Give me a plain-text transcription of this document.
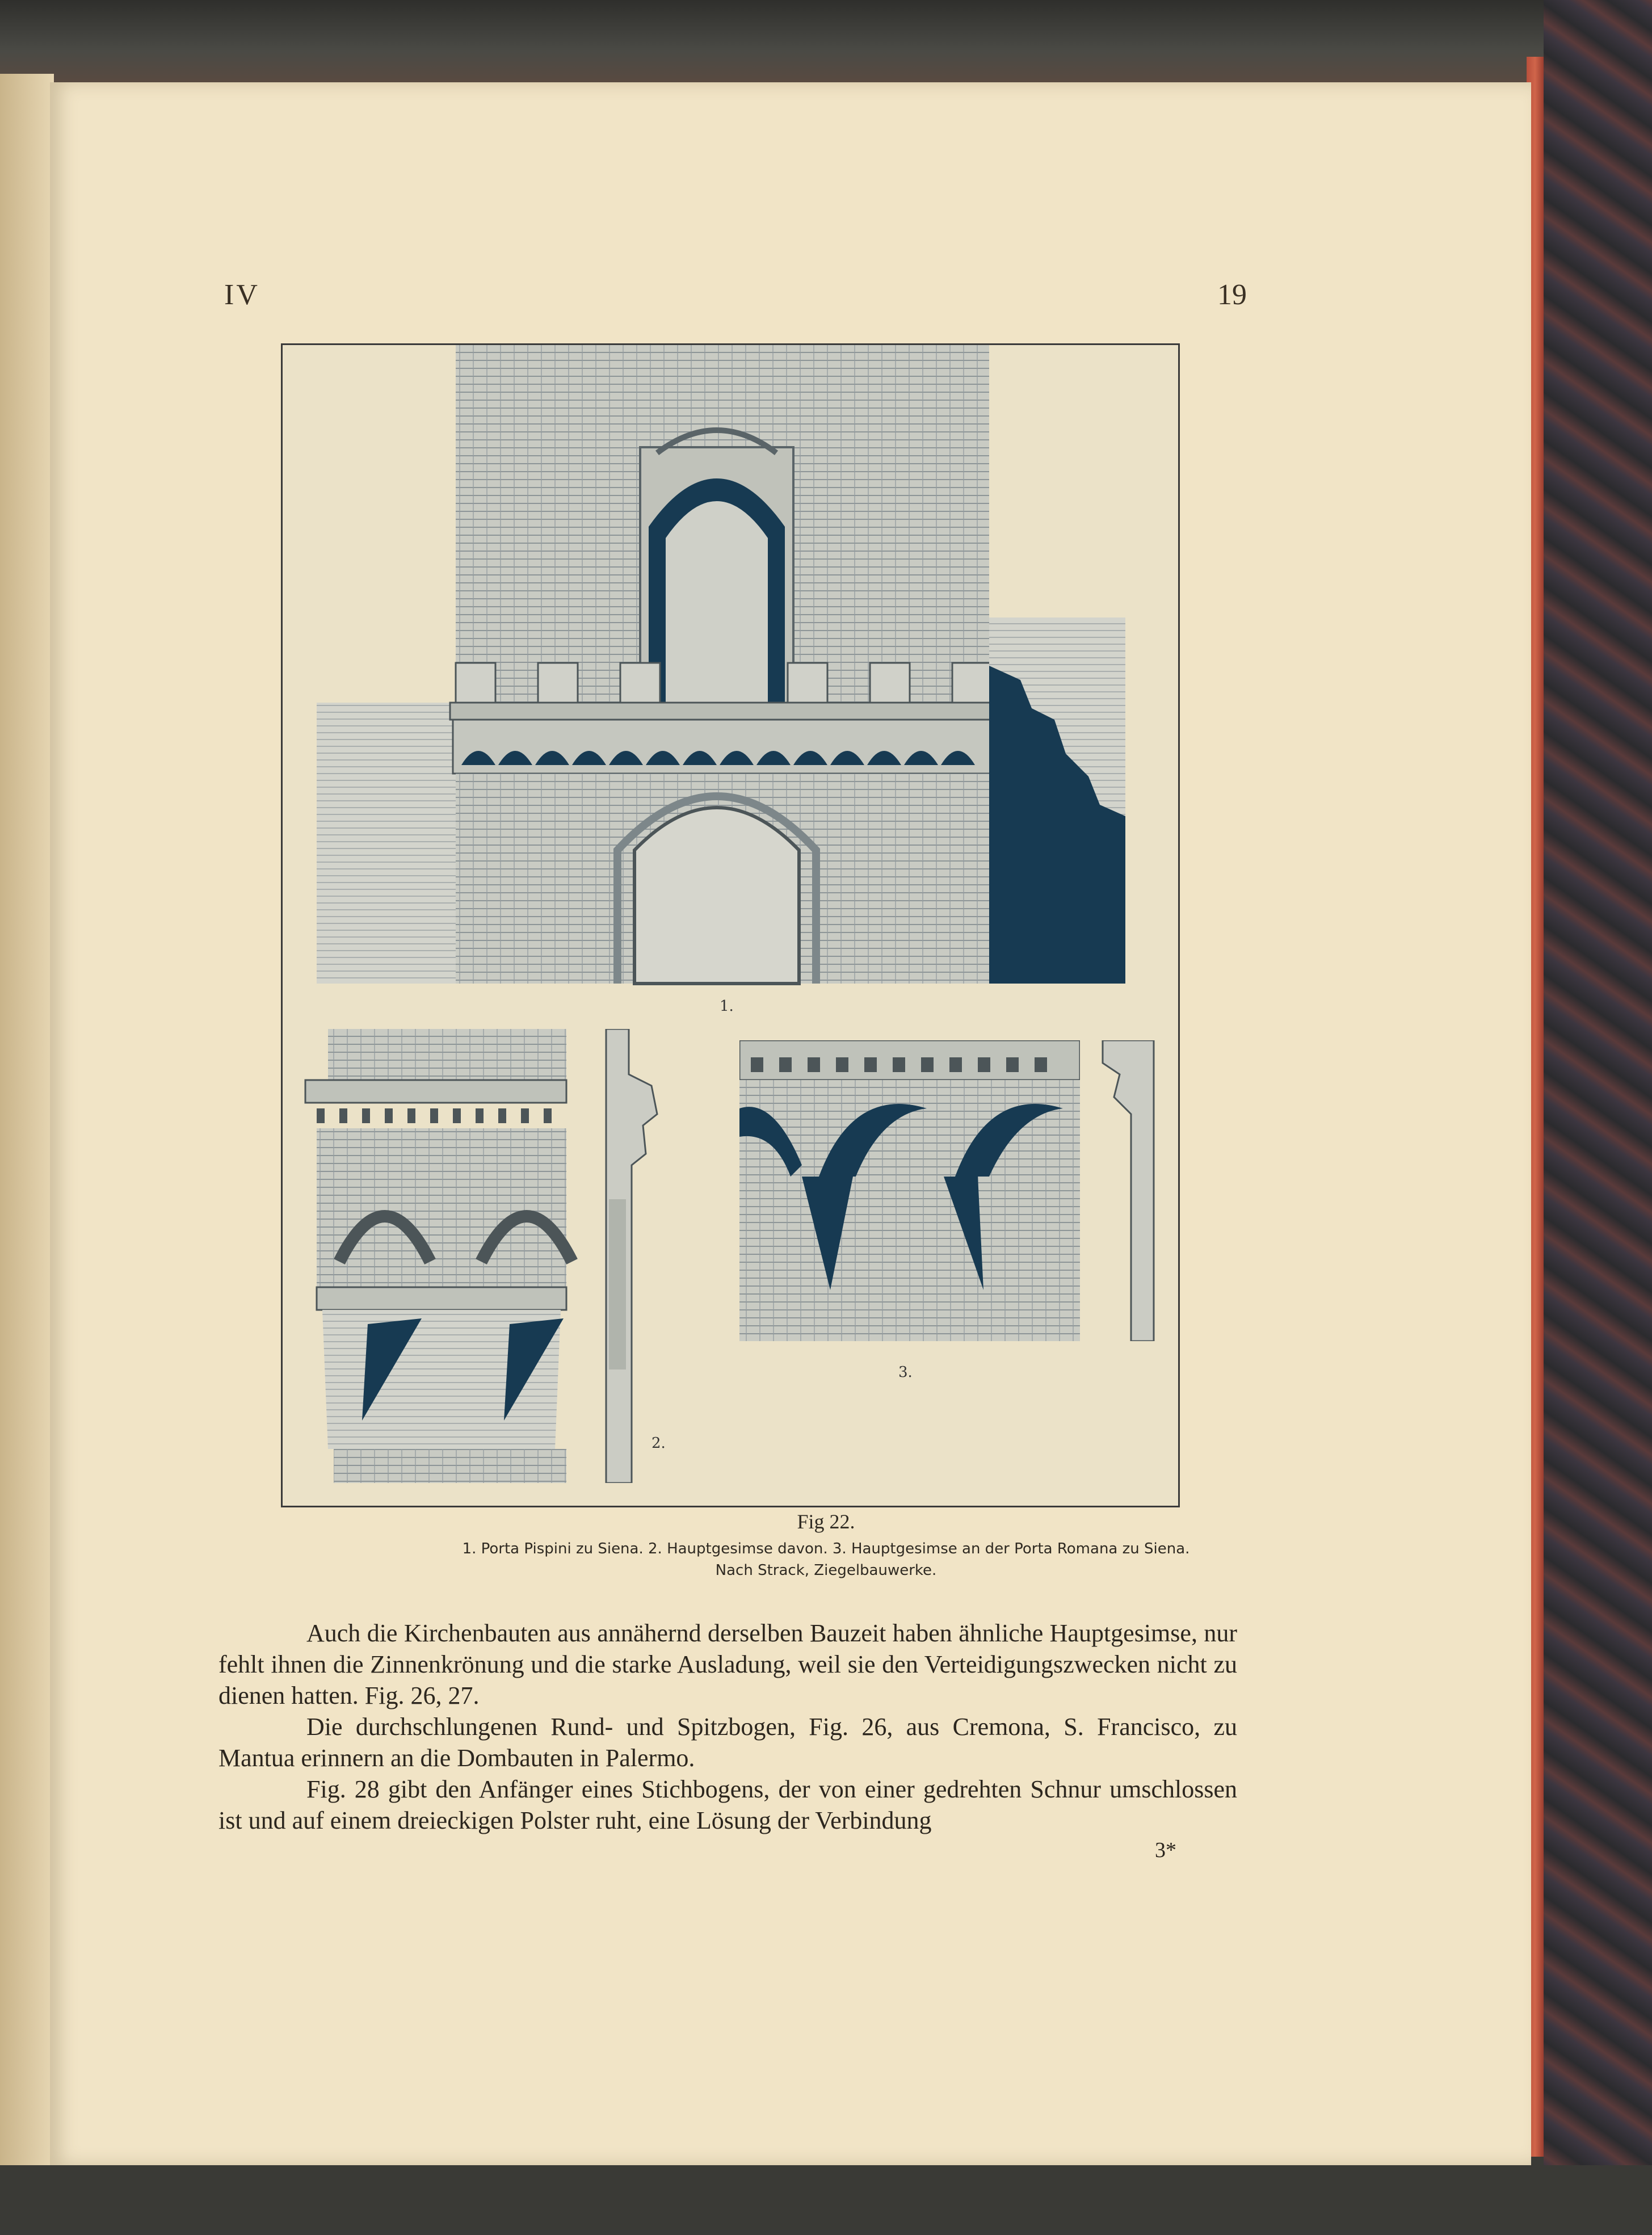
IV	19
1.
2.
3.
Fig 22.
1. Porta Pispini zu Siena. 2. Hauptgesimse davon. 3. Hauptgesimse an der Porta Romana zu Siena.
Nach Strack, Ziegelbauwerke.

Auch die Kirchenbauten aus annähernd derselben Bauzeit haben ähnliche Hauptgesimse, nur fehlt ihnen die Zinnenkrönung und die starke Ausladung, weil sie den Verteidigungszwecken nicht zu dienen hatten. Fig. 26, 27.

Die durchschlungenen Rund- und Spitzbogen, Fig. 26, aus Cremona, S. Francisco, zu Mantua erinnern an die Dombauten in Palermo.

Fig. 28 gibt den Anfänger eines Stichbogens, der von einer gedrehten Schnur umschlossen ist und auf einem dreieckigen Polster ruht, eine Lösung der Verbindung

3*
